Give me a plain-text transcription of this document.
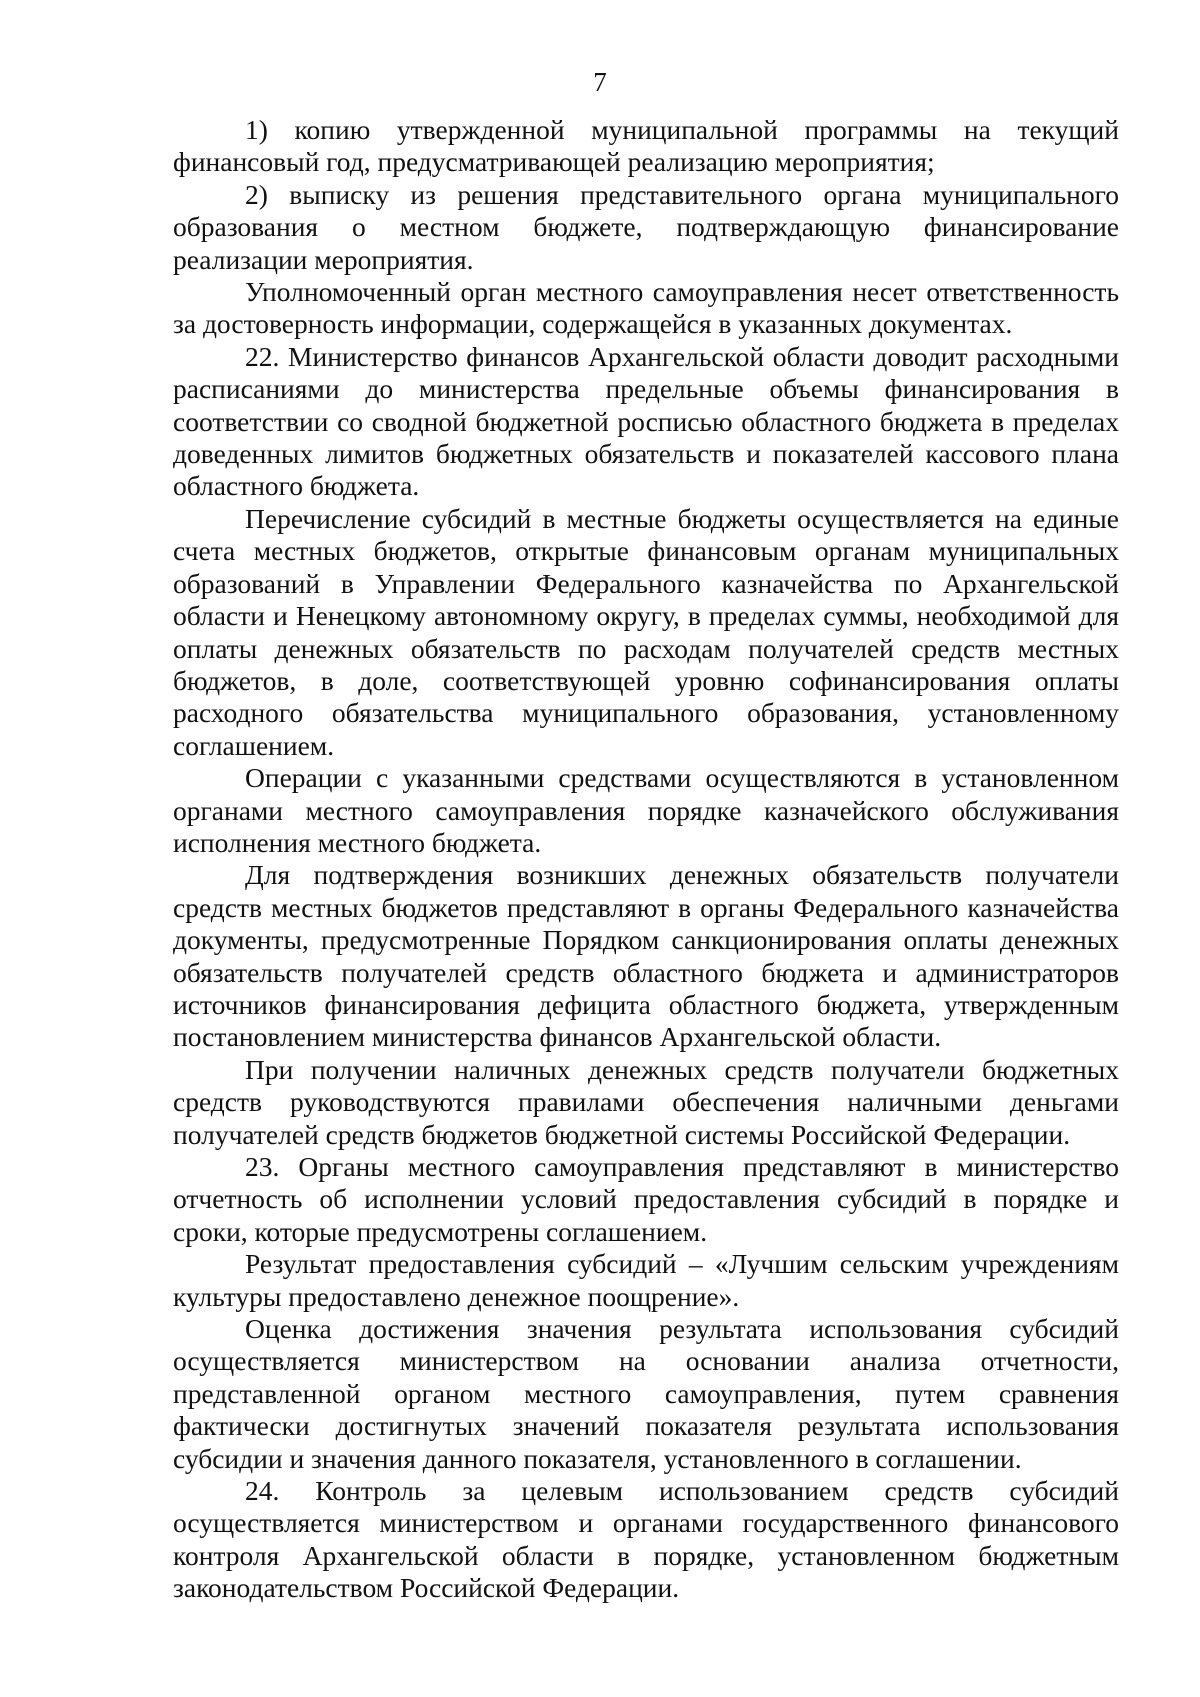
7

1) копию утвержденной муниципальной программы на текущий финансовый год, предусматривающей реализацию мероприятия;

2) выписку из решения представительного органа муниципального образования о местном бюджете, подтверждающую финансирование реализации мероприятия.

Уполномоченный орган местного самоуправления несет ответственность за достоверность информации, содержащейся в указанных документах.

22. Министерство финансов Архангельской области доводит расходными расписаниями до министерства предельные объемы финансирования в соответствии со сводной бюджетной росписью областного бюджета в пределах доведенных лимитов бюджетных обязательств и показателей кассового плана областного бюджета.

Перечисление субсидий в местные бюджеты осуществляется на единые счета местных бюджетов, открытые финансовым органам муниципальных образований в Управлении Федерального казначейства по Архангельской области и Ненецкому автономному округу, в пределах суммы, необходимой для оплаты денежных обязательств по расходам получателей средств местных бюджетов, в доле, соответствующей уровню софинансирования оплаты расходного обязательства муниципального образования, установленному соглашением.

Операции с указанными средствами осуществляются в установленном органами местного самоуправления порядке казначейского обслуживания исполнения местного бюджета.

Для подтверждения возникших денежных обязательств получатели средств местных бюджетов представляют в органы Федерального казначейства документы, предусмотренные Порядком санкционирования оплаты денежных обязательств получателей средств областного бюджета и администраторов источников финансирования дефицита областного бюджета, утвержденным постановлением министерства финансов Архангельской области.

При получении наличных денежных средств получатели бюджетных средств руководствуются правилами обеспечения наличными деньгами получателей средств бюджетов бюджетной системы Российской Федерации.

23. Органы местного самоуправления представляют в министерство отчетность об исполнении условий предоставления субсидий в порядке и сроки, которые предусмотрены соглашением.

Результат предоставления субсидий – «Лучшим сельским учреждениям культуры предоставлено денежное поощрение».

Оценка достижения значения результата использования субсидий осуществляется министерством на основании анализа отчетности, представленной органом местного самоуправления, путем сравнения фактически достигнутых значений показателя результата использования субсидии и значения данного показателя, установленного в соглашении.

24. Контроль за целевым использованием средств субсидий осуществляется министерством и органами государственного финансового контроля Архангельской области в порядке, установленном бюджетным законодательством Российской Федерации.
